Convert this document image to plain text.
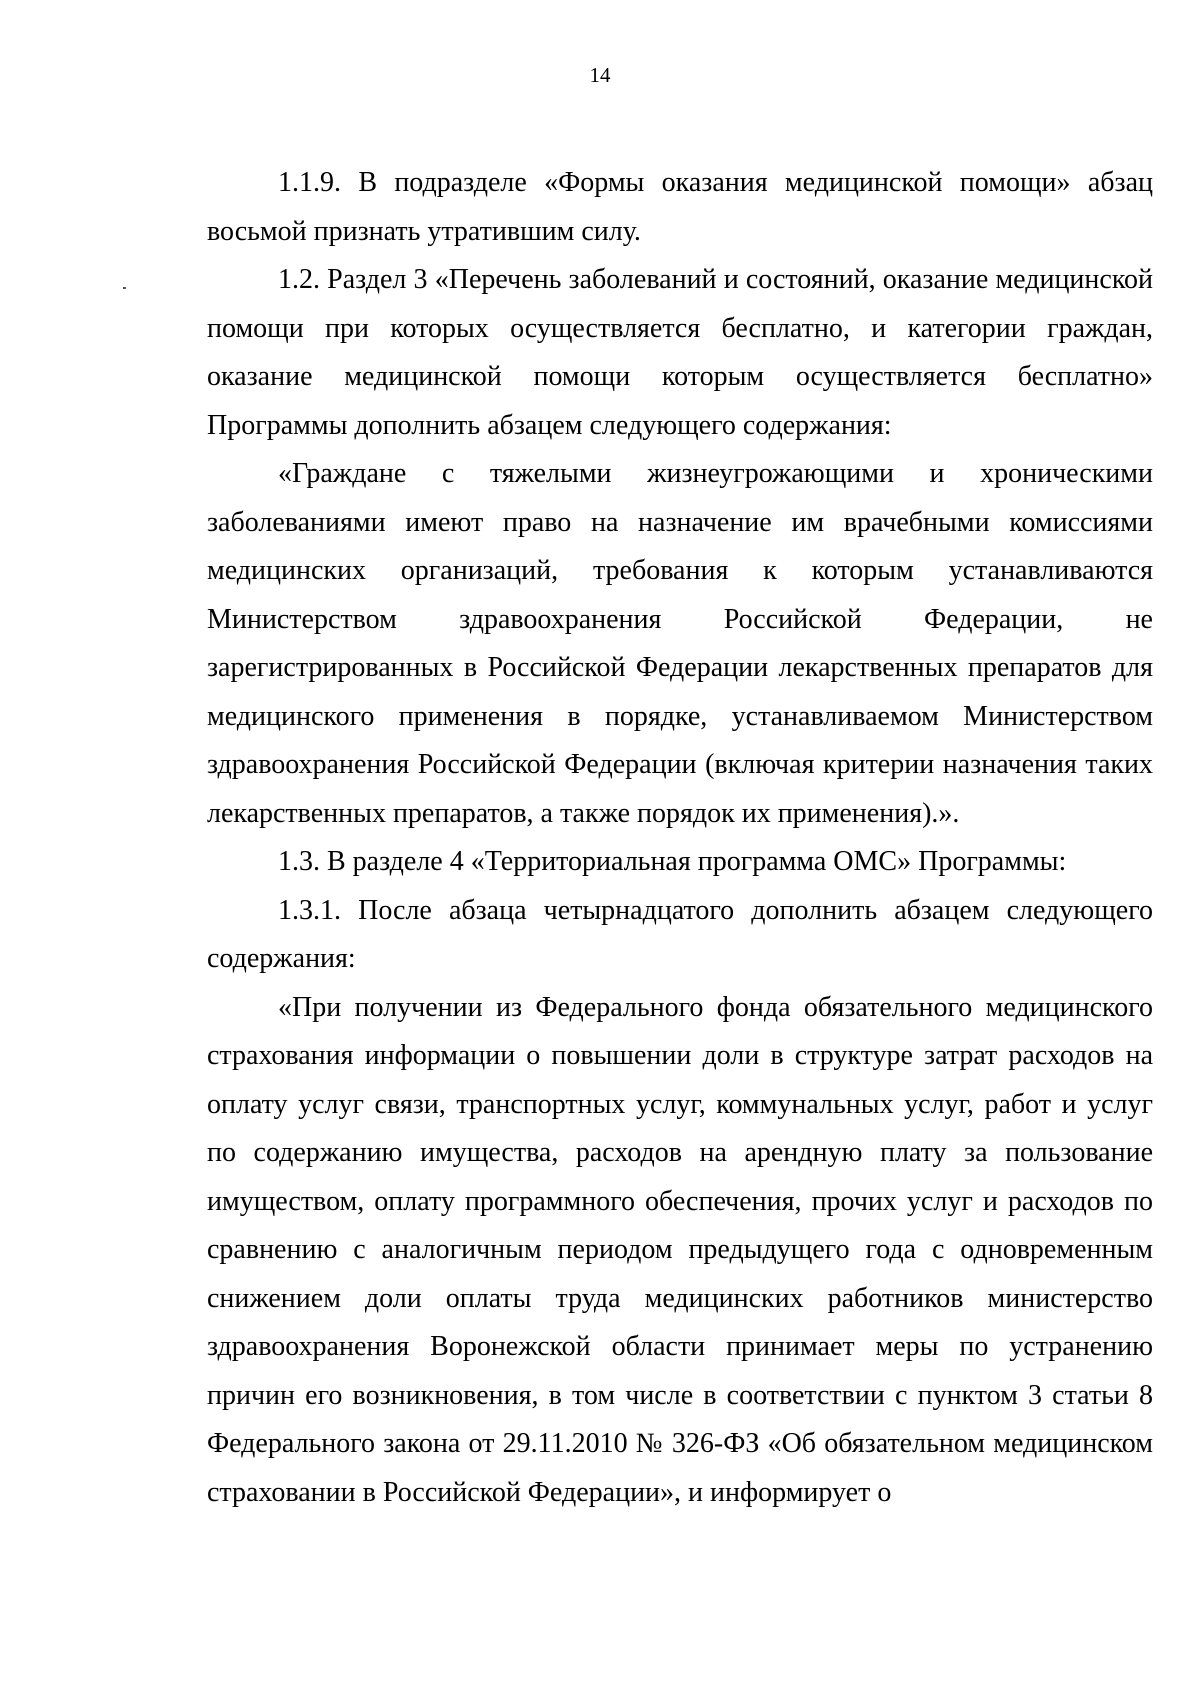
14

1.1.9. В подразделе «Формы оказания медицинской помощи» абзац восьмой признать утратившим силу.

1.2. Раздел 3 «Перечень заболеваний и состояний, оказание медицинской помощи при которых осуществляется бесплатно, и категории граждан, оказание медицинской помощи которым осуществляется бесплатно» Программы дополнить абзацем следующего содержания:

«Граждане с тяжелыми жизнеугрожающими и хроническими заболеваниями имеют право на назначение им врачебными комиссиями медицинских организаций, требования к которым устанавливаются Министерством здравоохранения Российской Федерации, не зарегистрированных в Российской Федерации лекарственных препаратов для медицинского применения в порядке, устанавливаемом Министерством здравоохранения Российской Федерации (включая критерии назначения таких лекарственных препаратов, а также порядок их применения).».

1.3. В разделе 4 «Территориальная программа ОМС» Программы:

1.3.1. После абзаца четырнадцатого дополнить абзацем следующего содержания:

«При получении из Федерального фонда обязательного медицинского страхования информации о повышении доли в структуре затрат расходов на оплату услуг связи, транспортных услуг, коммунальных услуг, работ и услуг по содержанию имущества, расходов на арендную плату за пользование имуществом, оплату программного обеспечения, прочих услуг и расходов по сравнению с аналогичным периодом предыдущего года с одновременным снижением доли оплаты труда медицинских работников министерство здравоохранения Воронежской области принимает меры по устранению причин его возникновения, в том числе в соответствии с пунктом 3 статьи 8 Федерального закона от 29.11.2010 № 326-ФЗ «Об обязательном медицинском страховании в Российской Федерации», и информирует о
